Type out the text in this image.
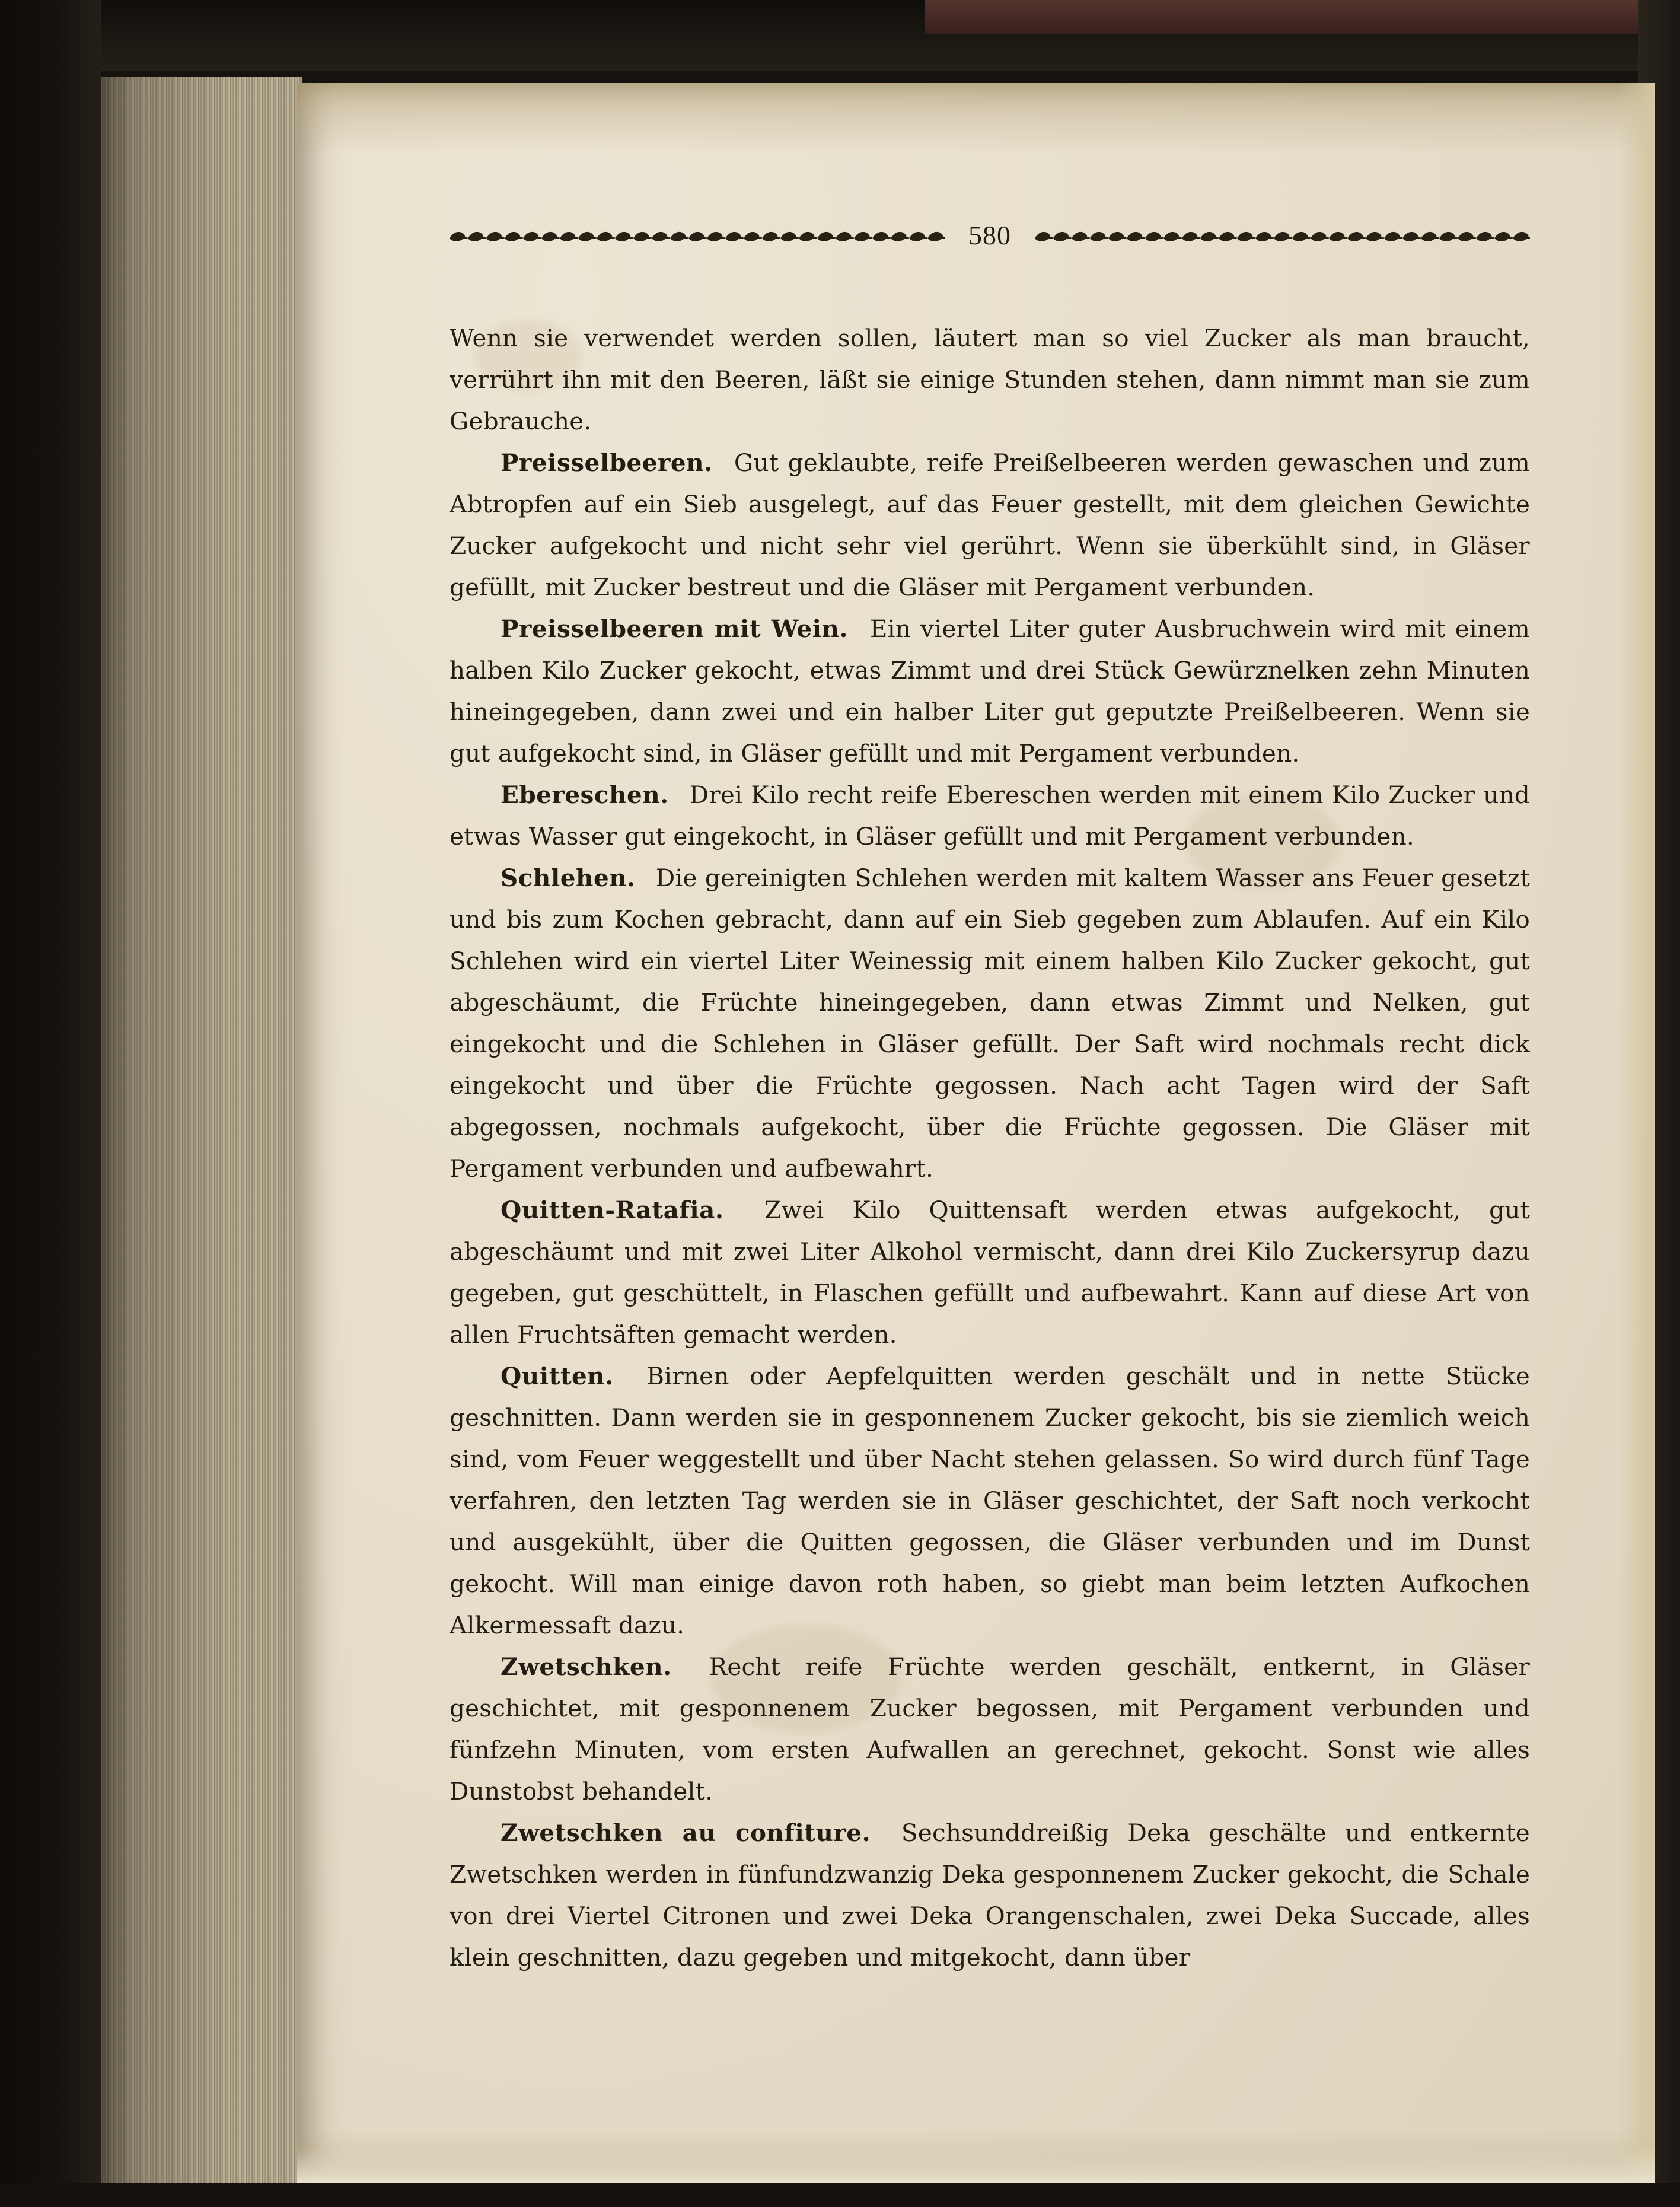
580

Wenn sie verwendet werden sollen, läutert man so viel Zucker als man braucht, verrührt ihn mit den Beeren, läßt sie einige Stunden stehen, dann nimmt man sie zum Gebrauche.

Preisselbeeren.  Gut geklaubte, reife Preißelbeeren werden gewaschen und zum Abtropfen auf ein Sieb ausgelegt, auf das Feuer gestellt, mit dem gleichen Gewichte Zucker aufgekocht und nicht sehr viel gerührt. Wenn sie überkühlt sind, in Gläser gefüllt, mit Zucker bestreut und die Gläser mit Pergament verbunden.

Preisselbeeren mit Wein.  Ein viertel Liter guter Ausbruchwein wird mit einem halben Kilo Zucker gekocht, etwas Zimmt und drei Stück Gewürznelken zehn Minuten hineingegeben, dann zwei und ein halber Liter gut geputzte Preißelbeeren. Wenn sie gut aufgekocht sind, in Gläser gefüllt und mit Pergament verbunden.

Ebereschen.  Drei Kilo recht reife Ebereschen werden mit einem Kilo Zucker und etwas Wasser gut eingekocht, in Gläser gefüllt und mit Pergament verbunden.

Schlehen.  Die gereinigten Schlehen werden mit kaltem Wasser ans Feuer gesetzt und bis zum Kochen gebracht, dann auf ein Sieb gegeben zum Ablaufen. Auf ein Kilo Schlehen wird ein viertel Liter Weinessig mit einem halben Kilo Zucker gekocht, gut abgeschäumt, die Früchte hineingegeben, dann etwas Zimmt und Nelken, gut eingekocht und die Schlehen in Gläser gefüllt. Der Saft wird nochmals recht dick eingekocht und über die Früchte gegossen. Nach acht Tagen wird der Saft abgegossen, nochmals aufgekocht, über die Früchte gegossen. Die Gläser mit Pergament verbunden und aufbewahrt.

Quitten-Ratafia.  Zwei Kilo Quittensaft werden etwas aufgekocht, gut abgeschäumt und mit zwei Liter Alkohol vermischt, dann drei Kilo Zuckersyrup dazu gegeben, gut geschüttelt, in Flaschen gefüllt und aufbewahrt. Kann auf diese Art von allen Fruchtsäften gemacht werden.

Quitten.  Birnen oder Aepfelquitten werden geschält und in nette Stücke geschnitten. Dann werden sie in gesponnenem Zucker gekocht, bis sie ziemlich weich sind, vom Feuer weggestellt und über Nacht stehen gelassen. So wird durch fünf Tage verfahren, den letzten Tag werden sie in Gläser geschichtet, der Saft noch verkocht und ausgekühlt, über die Quitten gegossen, die Gläser verbunden und im Dunst gekocht. Will man einige davon roth haben, so giebt man beim letzten Aufkochen Alkermessaft dazu.

Zwetschken.  Recht reife Früchte werden geschält, entkernt, in Gläser geschichtet, mit gesponnenem Zucker begossen, mit Pergament verbunden und fünfzehn Minuten, vom ersten Aufwallen an gerechnet, gekocht. Sonst wie alles Dunstobst behandelt.

Zwetschken au confiture.  Sechsunddreißig Deka geschälte und entkernte Zwetschken werden in fünfundzwanzig Deka gesponnenem Zucker gekocht, die Schale von drei Viertel Citronen und zwei Deka Orangenschalen, zwei Deka Succade, alles klein geschnitten, dazu gegeben und mitgekocht, dann über
